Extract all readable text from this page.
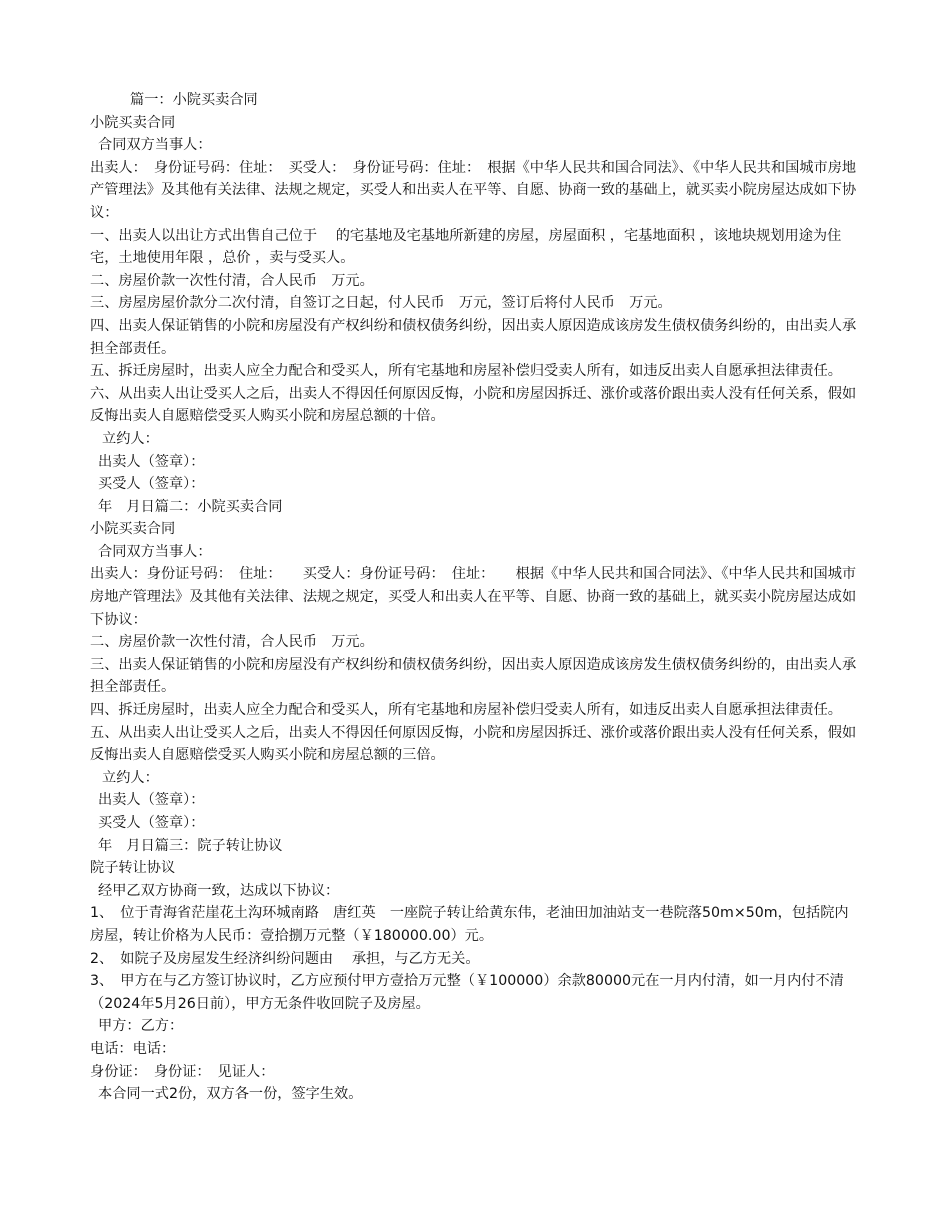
篇一：小院买卖合同

小院买卖合同

合同双方当事人：

出卖人：　身份证号码：住址：　买受人：　身份证号码：住址：　根据《中华人民共和国合同法》、《中华人民共和国城市房地产管理法》及其他有关法律、法规之规定，买受人和出卖人在平等、自愿、协商一致的基础上，就买卖小院房屋达成如下协议：

一、出卖人以出让方式出售自己位于　 的宅基地及宅基地所新建的房屋，房屋面积 ，宅基地面积 ，该地块规划用途为住宅，土地使用年限 ，总价 ，卖与受买人。

二、房屋价款一次性付清，合人民币　万元。

三、房屋房屋价款分二次付清，自签订之日起，付人民币　万元，签订后将付人民币　万元。

四、出卖人保证销售的小院和房屋没有产权纠纷和债权债务纠纷，因出卖人原因造成该房发生债权债务纠纷的，由出卖人承担全部责任。

五、拆迁房屋时，出卖人应全力配合和受买人，所有宅基地和房屋补偿归受卖人所有，如违反出卖人自愿承担法律责任。

六、从出卖人出让受买人之后，出卖人不得因任何原因反悔，小院和房屋因拆迁、涨价或落价跟出卖人没有任何关系，假如反悔出卖人自愿赔偿受买人购买小院和房屋总额的十倍。

立约人：

出卖人（签章）：

买受人（签章）：

年　月日篇二：小院买卖合同

小院买卖合同

合同双方当事人：

出卖人：身份证号码：　住址：　　买受人：身份证号码：　住址：　　根据《中华人民共和国合同法》、《中华人民共和国城市房地产管理法》及其他有关法律、法规之规定，买受人和出卖人在平等、自愿、协商一致的基础上，就买卖小院房屋达成如下协议：

二、房屋价款一次性付清，合人民币　万元。

三、出卖人保证销售的小院和房屋没有产权纠纷和债权债务纠纷，因出卖人原因造成该房发生债权债务纠纷的，由出卖人承担全部责任。

四、拆迁房屋时，出卖人应全力配合和受买人，所有宅基地和房屋补偿归受卖人所有，如违反出卖人自愿承担法律责任。

五、从出卖人出让受买人之后，出卖人不得因任何原因反悔，小院和房屋因拆迁、涨价或落价跟出卖人没有任何关系，假如反悔出卖人自愿赔偿受买人购买小院和房屋总额的三倍。

立约人：

出卖人（签章）：

买受人（签章）：

年　月日篇三：院子转让协议

院子转让协议

经甲乙双方协商一致，达成以下协议：

1、　位于青海省茫崖花土沟环城南路　唐红英　一座院子转让给黄东伟，老油田加油站支一巷院落50m×50m，包括院内房屋，转让价格为人民币：壹拾捌万元整（￥180000.00）元。

2、　如院子及房屋发生经济纠纷问题由　 承担，与乙方无关。

3、　甲方在与乙方签订协议时，乙方应预付甲方壹拾万元整（￥100000）余款80000元在一月内付清，如一月内付不清（2024年5月26日前），甲方无条件收回院子及房屋。

甲方：乙方：

电话：电话：

身份证：　身份证：　见证人：

本合同一式2份，双方各一份，签字生效。
